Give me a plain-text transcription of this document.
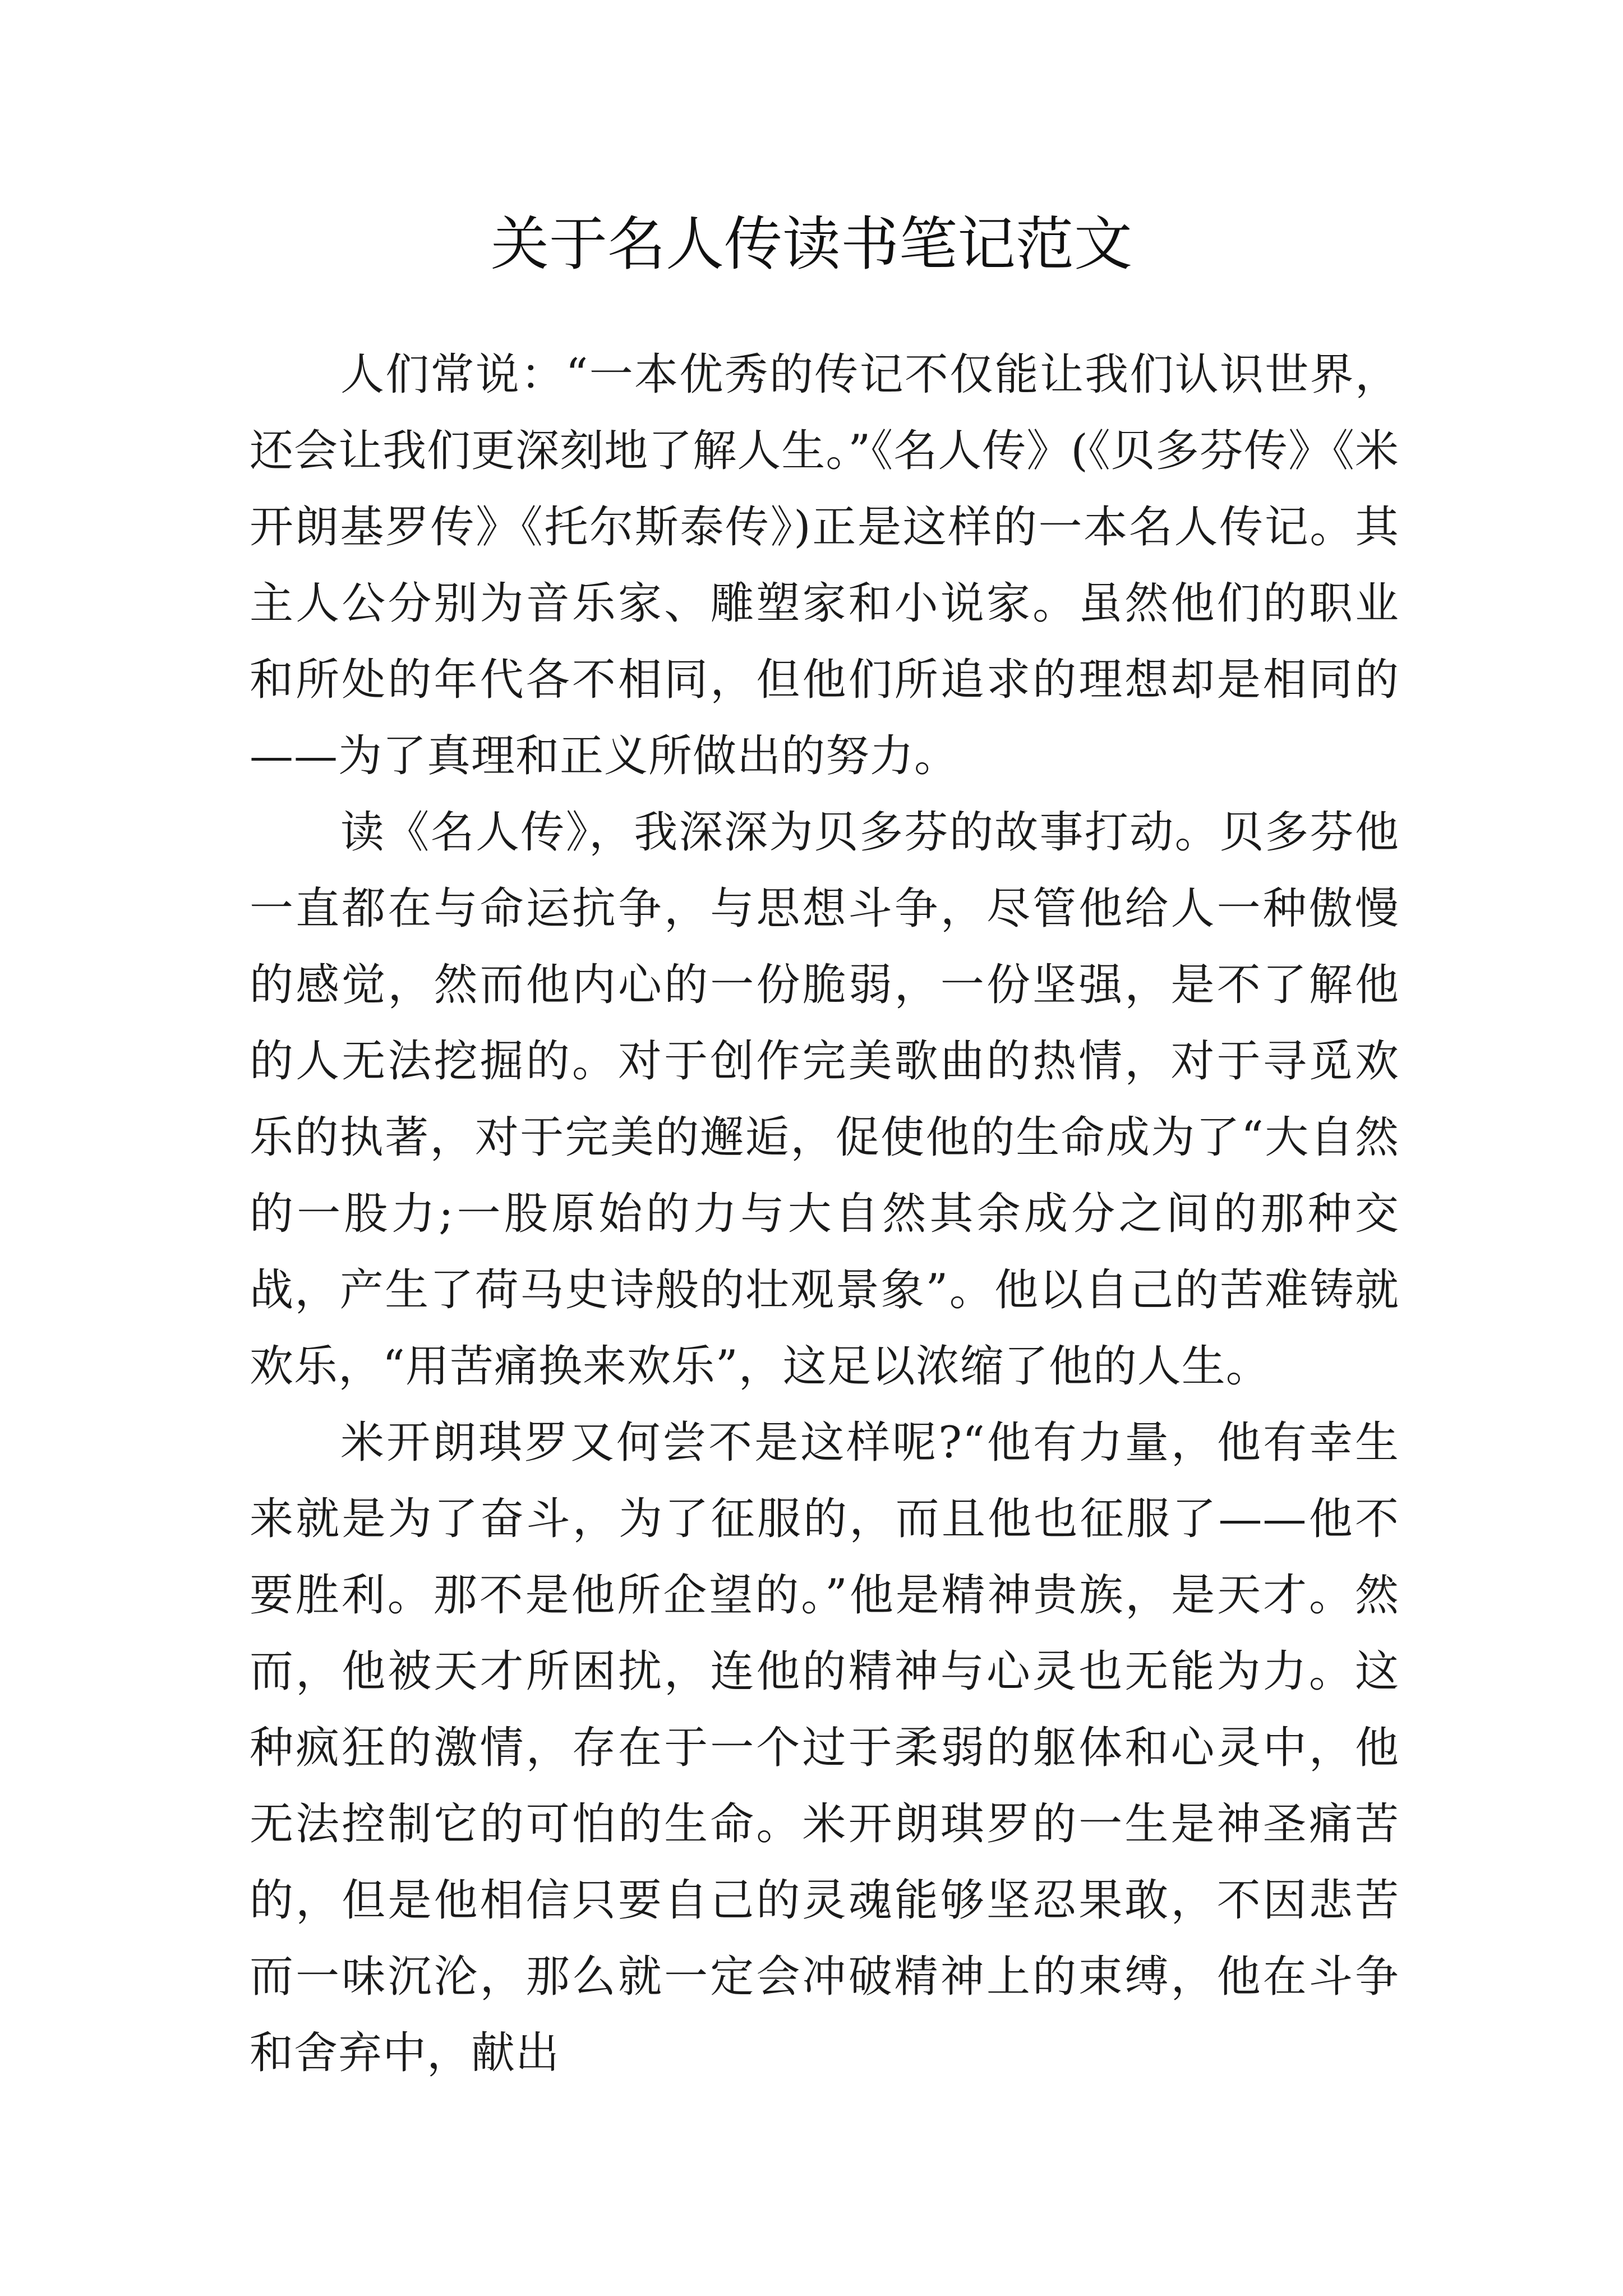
关于名人传读书笔记范文

人们常说：“一本优秀的传记不仅能让我们认识世界，还会让我们更深刻地了解人生。”《名人传》(《贝多芬传》《米开朗基罗传》《托尔斯泰传》)正是这样的一本名人传记。其主人公分别为音乐家、雕塑家和小说家。虽然他们的职业和所处的年代各不相同，但他们所追求的理想却是相同的——为了真理和正义所做出的努力。

读《名人传》，我深深为贝多芬的故事打动。贝多芬他一直都在与命运抗争，与思想斗争，尽管他给人一种傲慢的感觉，然而他内心的一份脆弱，一份坚强，是不了解他的人无法挖掘的。对于创作完美歌曲的热情，对于寻觅欢乐的执著，对于完美的邂逅，促使他的生命成为了“大自然的一股力;一股原始的力与大自然其余成分之间的那种交战，产生了荷马史诗般的壮观景象”。他以自己的苦难铸就欢乐，“用苦痛换来欢乐”，这足以浓缩了他的人生。

米开朗琪罗又何尝不是这样呢?“他有力量，他有幸生来就是为了奋斗，为了征服的，而且他也征服了——他不要胜利。那不是他所企望的。”他是精神贵族，是天才。然而，他被天才所困扰，连他的精神与心灵也无能为力。这种疯狂的激情，存在于一个过于柔弱的躯体和心灵中，他无法控制它的可怕的生命。米开朗琪罗的一生是神圣痛苦的，但是他相信只要自己的灵魂能够坚忍果敢，不因悲苦而一味沉沦，那么就一定会冲破精神上的束缚，他在斗争和舍弃中，献出
